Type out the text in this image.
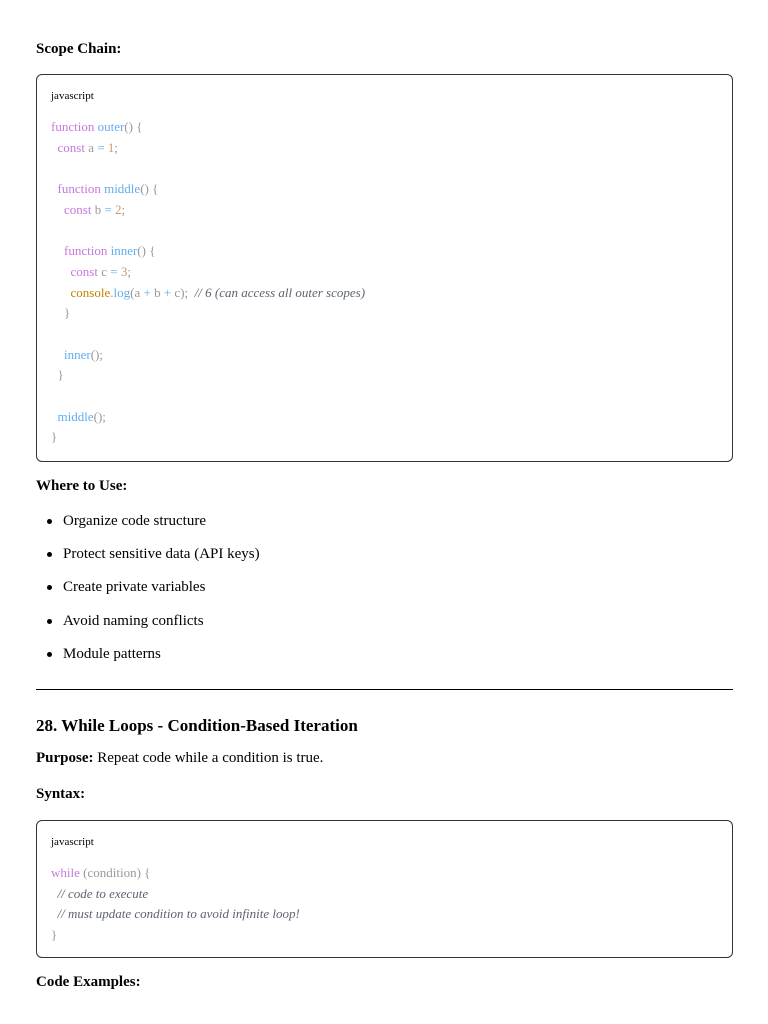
Scope Chain:
javascript
function outer() {
const a = 1;

function middle() {
const b = 2;

function inner() {
const c = 3;
console.log(a + b + c);  // 6 (can access all outer scopes)
}

inner();
}

middle();
}
Where to Use:
Organize code structure
Protect sensitive data (API keys)
Create private variables
Avoid naming conflicts
Module patterns
28. While Loops - Condition-Based Iteration

Purpose: Repeat code while a condition is true.

Syntax:
javascript
while (condition) {
// code to execute
// must update condition to avoid infinite loop!
}
Code Examples:
